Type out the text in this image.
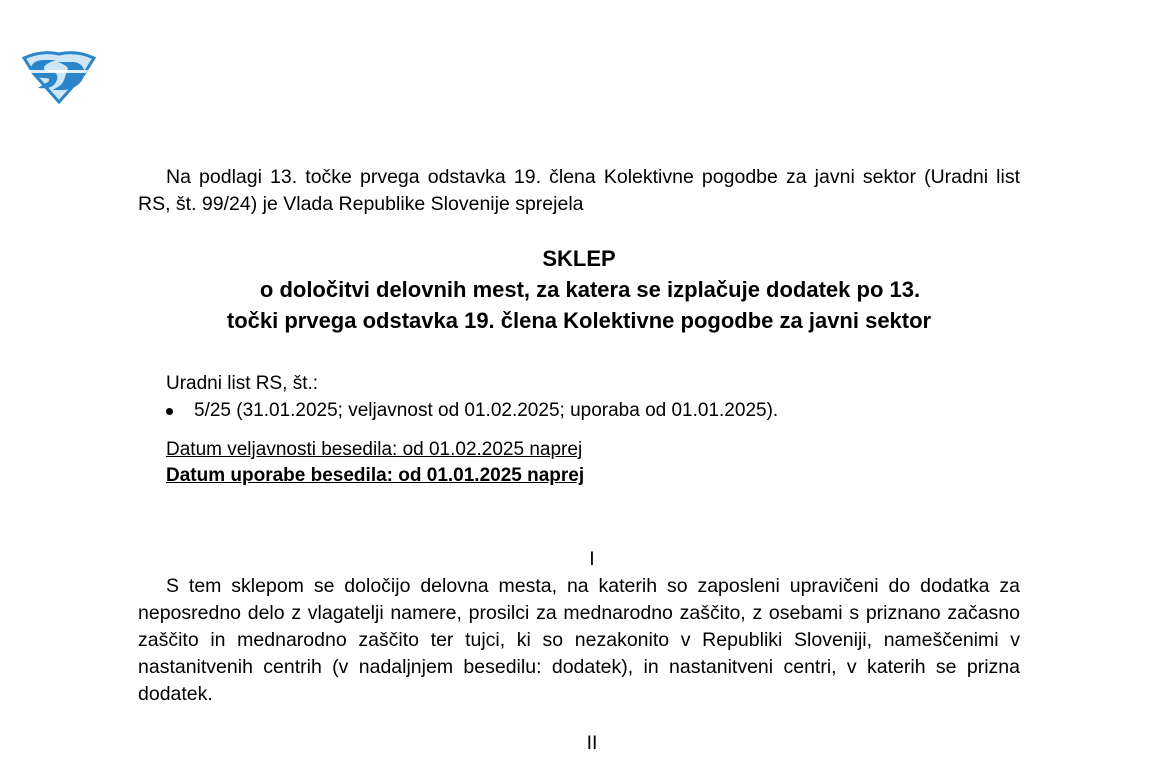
Na podlagi 13. točke prvega odstavka 19. člena Kolektivne pogodbe za javni sektor (Uradni list RS, št. 99/24) je Vlada Republike Slovenije sprejela

SKLEP
o določitvi delovnih mest, za katera se izplačuje dodatek po 13.
točki prvega odstavka 19. člena Kolektivne pogodbe za javni sektor
Uradni list RS, št.:
5/25 (31.01.2025; veljavnost od 01.02.2025; uporaba od 01.01.2025).
Datum veljavnosti besedila: od 01.02.2025 naprej
Datum uporabe besedila: od 01.01.2025 naprej
I

S tem sklepom se določijo delovna mesta, na katerih so zaposleni upravičeni do dodatka za neposredno delo z vlagatelji namere, prosilci za mednarodno zaščito, z osebami s priznano začasno zaščito in mednarodno zaščito ter tujci, ki so nezakonito v Republiki Sloveniji, nameščenimi v nastanitvenih centrih (v nadaljnjem besedilu: dodatek), in nastanitveni centri, v katerih se prizna dodatek.

II
